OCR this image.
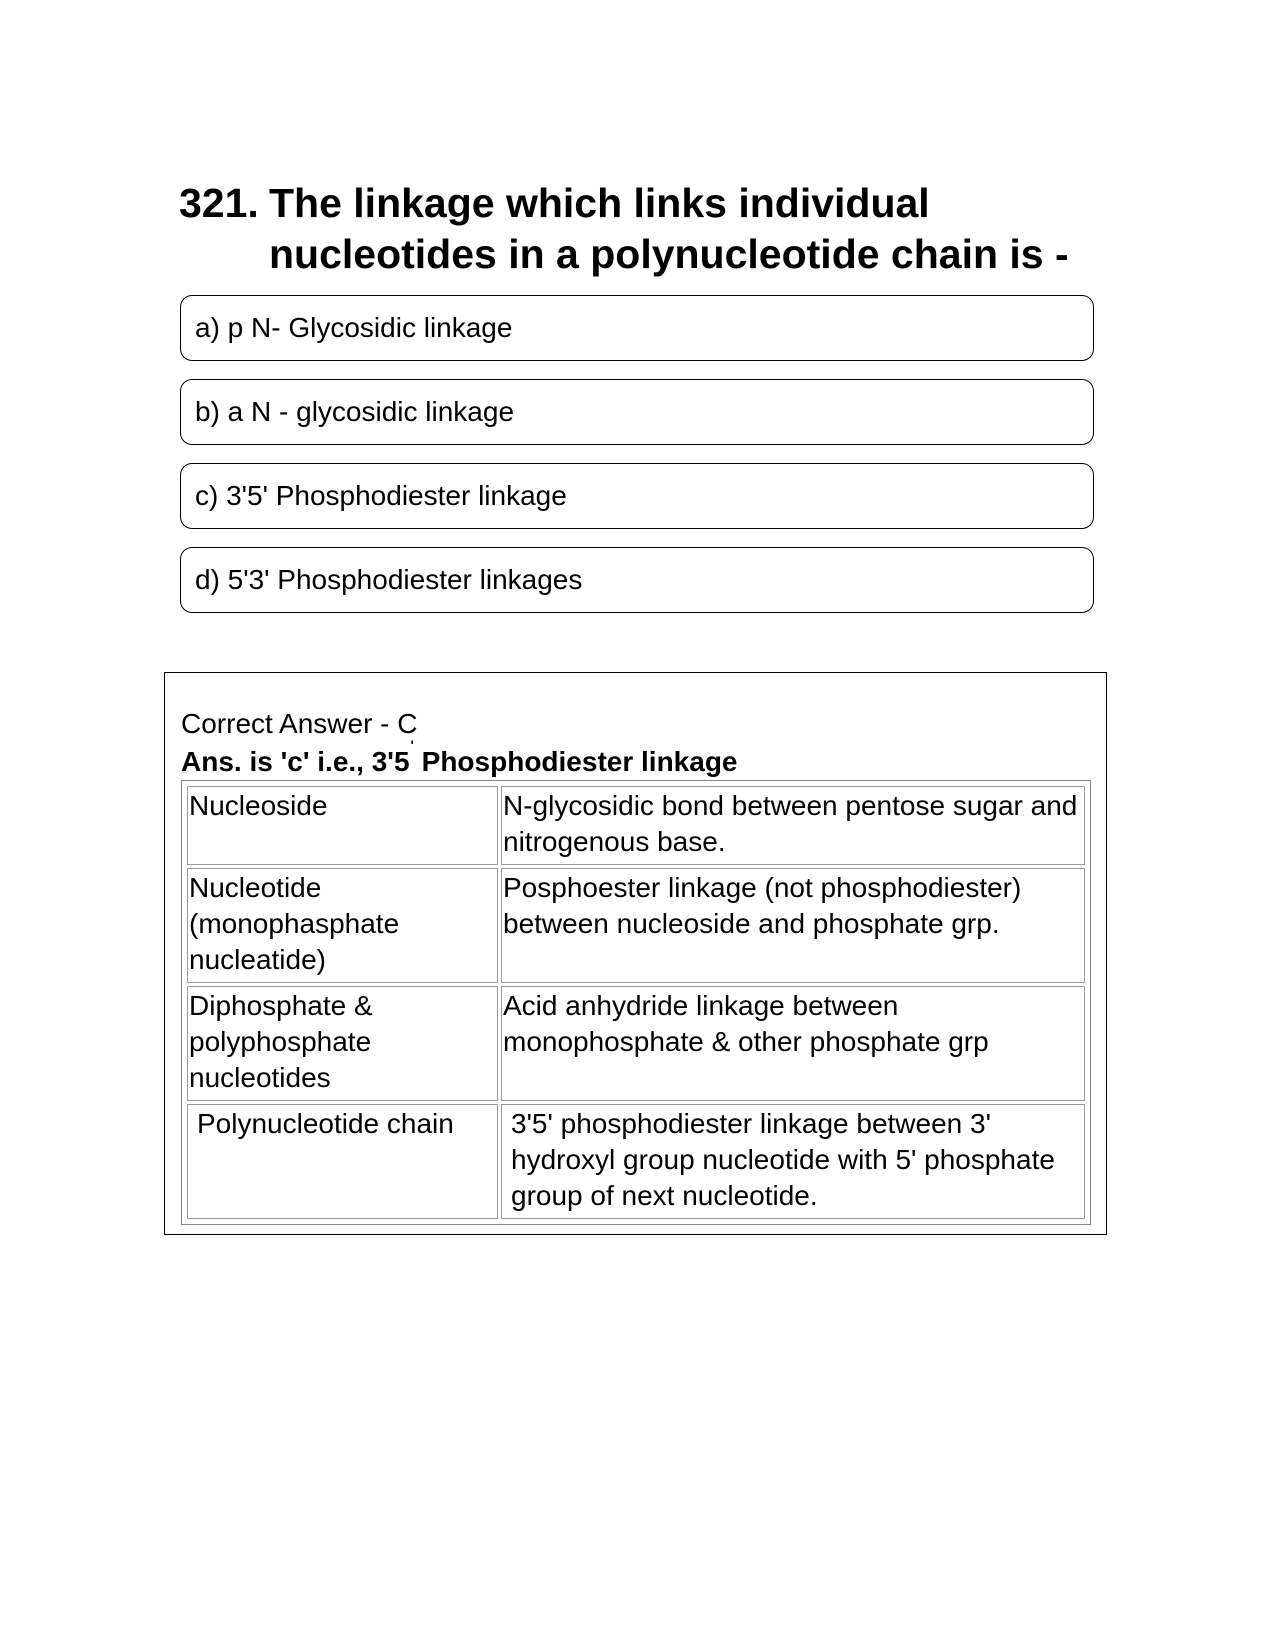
321. The linkage which links individual nucleotides in a polynucleotide chain is -
a) p N- Glycosidic linkage
b) a N - glycosidic linkage
c) 3'5' Phosphodiester linkage
d) 5'3' Phosphodiester linkages
Correct Answer - C
Ans. is 'c' i.e., 3'5' Phosphodiester linkage
Nucleoside	N-glycosidic bond between pentose sugar and nitrogenous base.
Nucleotide (monophasphate nucleatide)	Posphoester linkage (not phosphodiester) between nucleoside and phosphate grp.
Diphosphate & polyphosphate nucleotides	Acid anhydride linkage between monophosphate & other phosphate grp
Polynucleotide chain	3'5' phosphodiester linkage between 3' hydroxyl group nucleotide with 5' phosphate group of next nucleotide.
